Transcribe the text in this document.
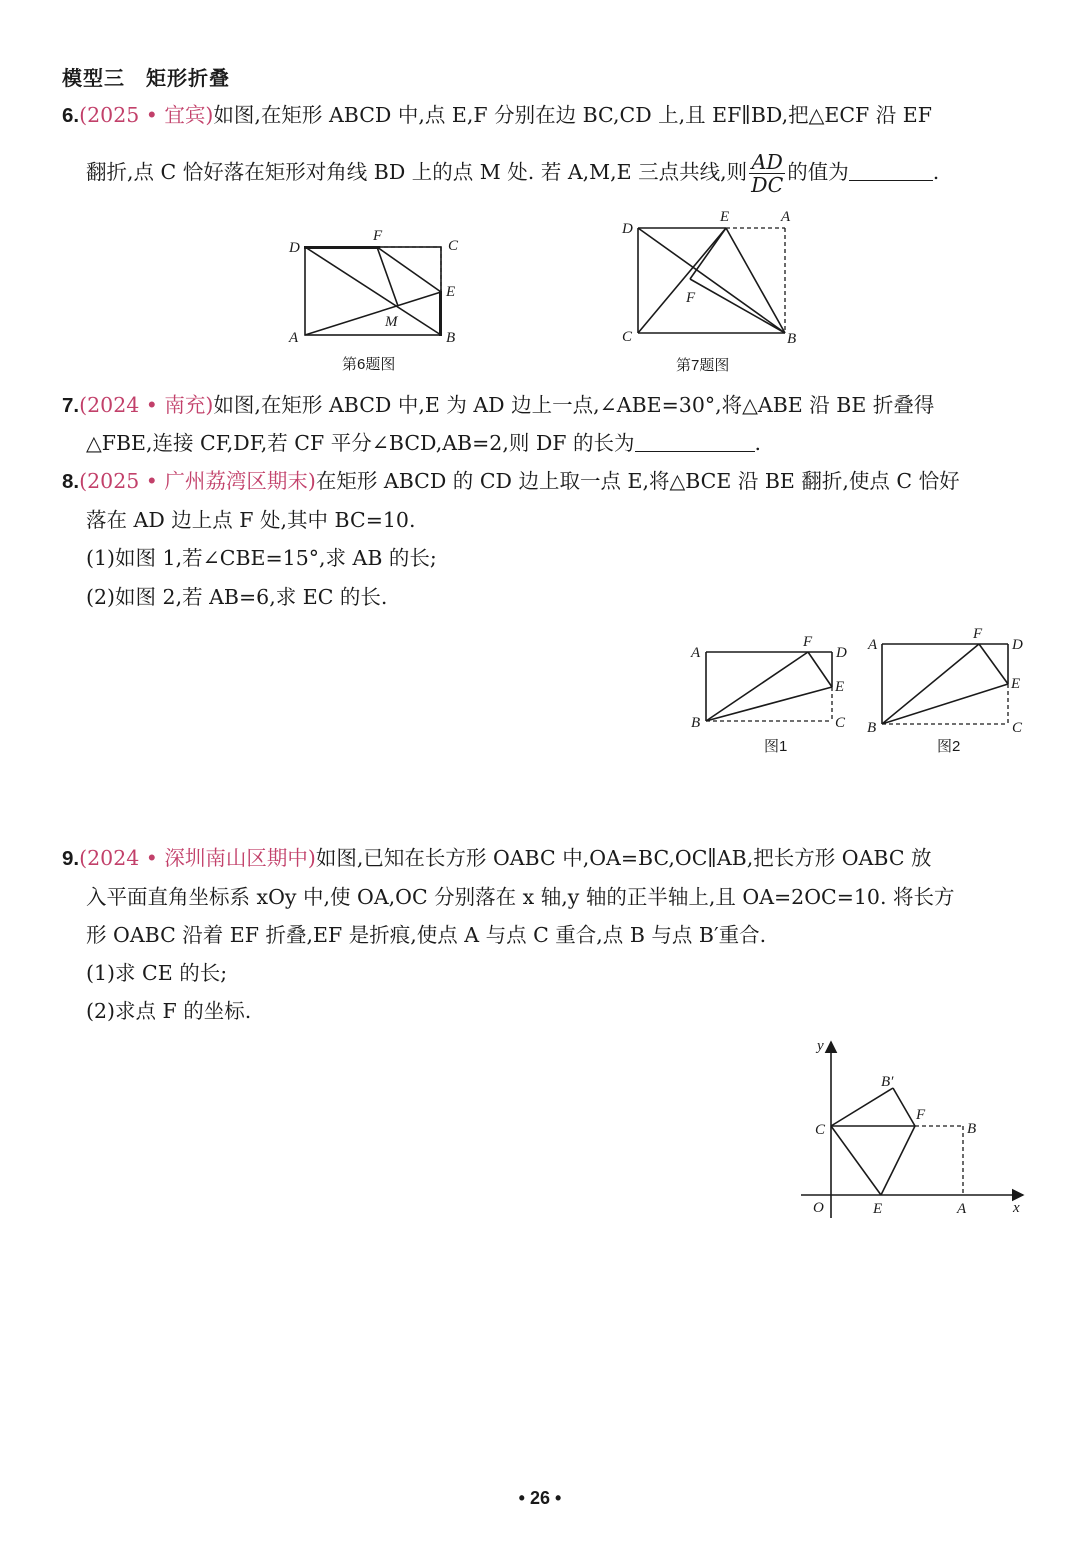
模型三　矩形折叠
6.(2025 • 宜宾)如图,在矩形 ABCD 中,点 E,F 分别在边 BC,CD 上,且 EF∥BD,把△ECF 沿 EF
翻折,点 C 恰好落在矩形对角线 BD 上的点 M 处. 若 A,M,E 三点共线,则 $\frac{AD}{DC}$ 的值为	.
D
F
C
E
M
A	B
第6题图
D
E	A
F
C	B
第7题图
7.(2024 • 南充)如图,在矩形 ABCD 中,E 为 AD 边上一点,∠ABE=30°,将△ABE 沿 BE 折叠得
△FBE,连接 CF,DF,若 CF 平分∠BCD,AB=2,则 DF 的长为	.
8.(2025 • 广州荔湾区期末)在矩形 ABCD 的 CD 边上取一点 E,将△BCE 沿 BE 翻折,使点 C 恰好
落在 AD 边上点 F 处,其中 BC=10.
(1)如图 1,若∠CBE=15°,求 AB 的长;
(2)如图 2,若 AB=6,求 EC 的长.
A
F
D
E
B	C
图1
A
F
D
E
B	C
图2
9.(2024 • 深圳南山区期中)如图,已知在长方形 OABC 中,OA=BC,OC∥AB,把长方形 OABC 放
入平面直角坐标系 xOy 中,使 OA,OC 分别落在 x 轴,y 轴的正半轴上,且 OA=2OC=10. 将长方
形 OABC 沿着 EF 折叠,EF 是折痕,使点 A 与点 C 重合,点 B 与点 B′重合.
(1)求 CE 的长;
(2)求点 F 的坐标.
y
x
O
C
B′
F
B
E	A
• 26 •
